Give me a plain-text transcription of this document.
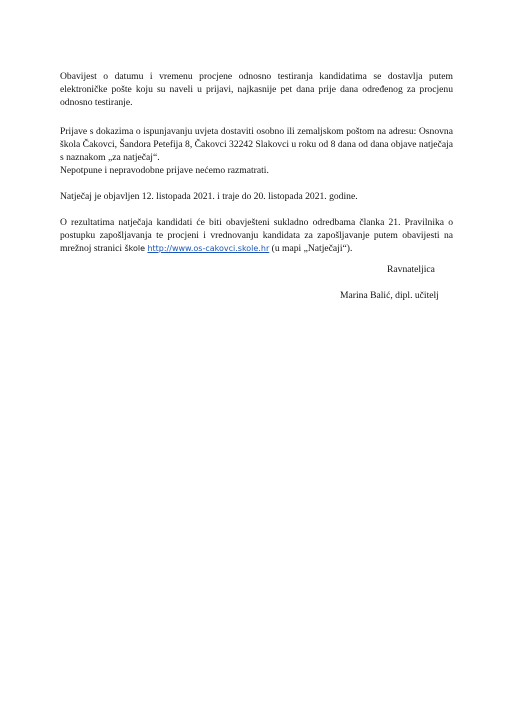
Obavijest o datumu i vremenu procjene odnosno testiranja kandidatima se dostavlja putem elektroničke pošte koju su naveli u prijavi, najkasnije pet dana prije dana određenog za procjenu odnosno testiranje.

Prijave s dokazima o ispunjavanju uvjeta dostaviti osobno ili zemaljskom poštom na adresu: Osnovna škola Čakovci, Šandora Petefija 8, Čakovci 32242 Slakovci u roku od 8 dana od dana objave natječaja s naznakom „za natječaj“.

Nepotpune i nepravodobne prijave nećemo razmatrati.

Natječaj je objavljen 12. listopada 2021. i traje do 20. listopada 2021. godine.

O rezultatima natječaja kandidati će biti obavješteni sukladno odredbama članka 21. Pravilnika o postupku zapošljavanja te procjeni i vrednovanju kandidata za zapošljavanje putem obavijesti na mrežnoj stranici škole http://www.os-cakovci.skole.hr (u mapi „Natječaji“).

Ravnateljica

Marina Balić, dipl. učitelj
